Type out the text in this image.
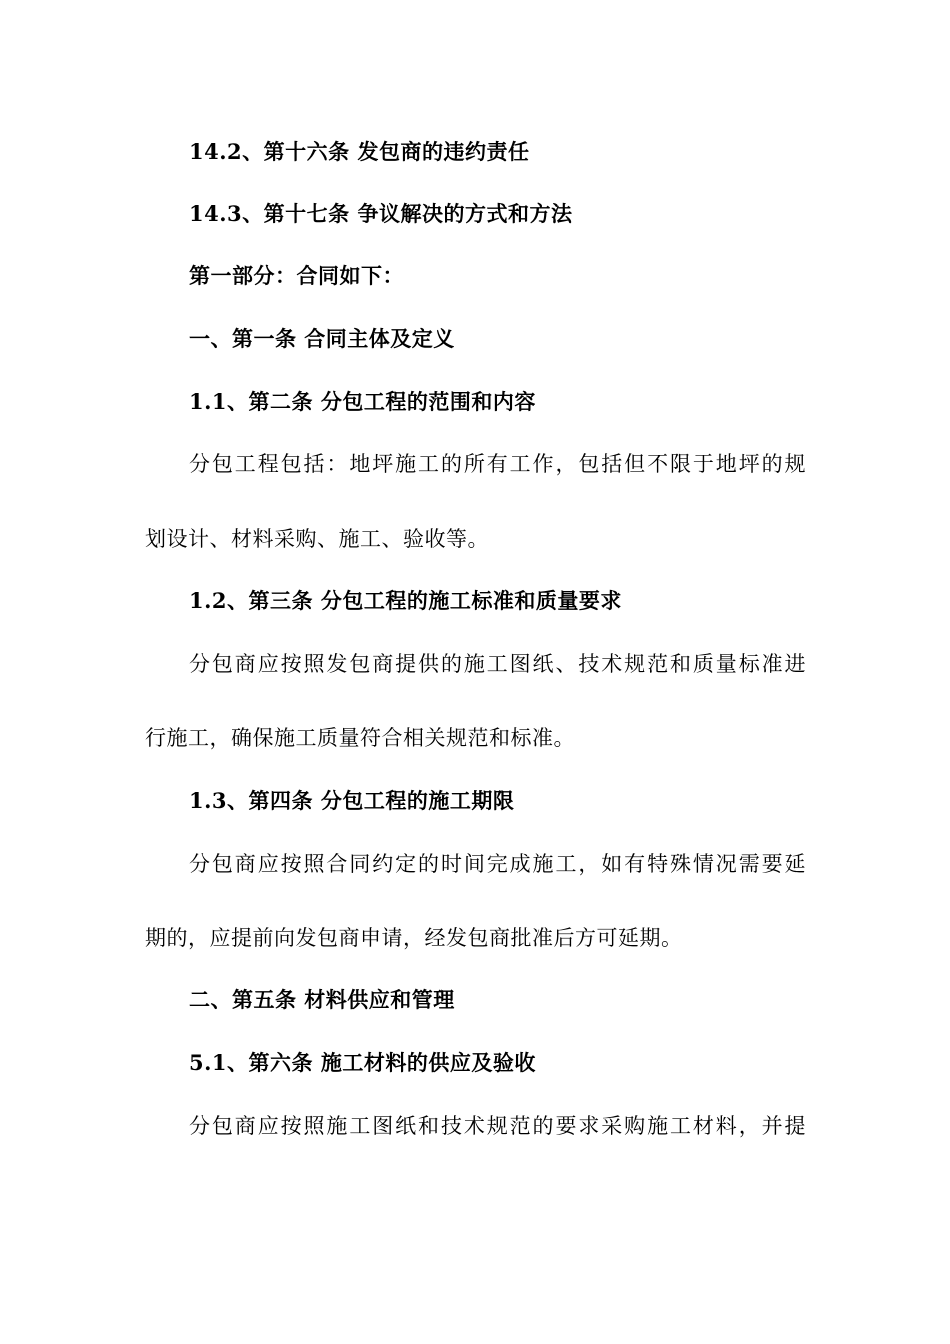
14.2、第十六条 发包商的违约责任
14.3、第十七条 争议解决的方式和方法
第一部分：合同如下：
一、第一条 合同主体及定义
1.1、第二条 分包工程的范围和内容
分包工程包括：地坪施工的所有工作，包括但不限于地坪的规
划设计、材料采购、施工、验收等。
1.2、第三条 分包工程的施工标准和质量要求
分包商应按照发包商提供的施工图纸、技术规范和质量标准进
行施工，确保施工质量符合相关规范和标准。
1.3、第四条 分包工程的施工期限
分包商应按照合同约定的时间完成施工，如有特殊情况需要延
期的，应提前向发包商申请，经发包商批准后方可延期。
二、第五条 材料供应和管理
5.1、第六条 施工材料的供应及验收
分包商应按照施工图纸和技术规范的要求采购施工材料，并提
